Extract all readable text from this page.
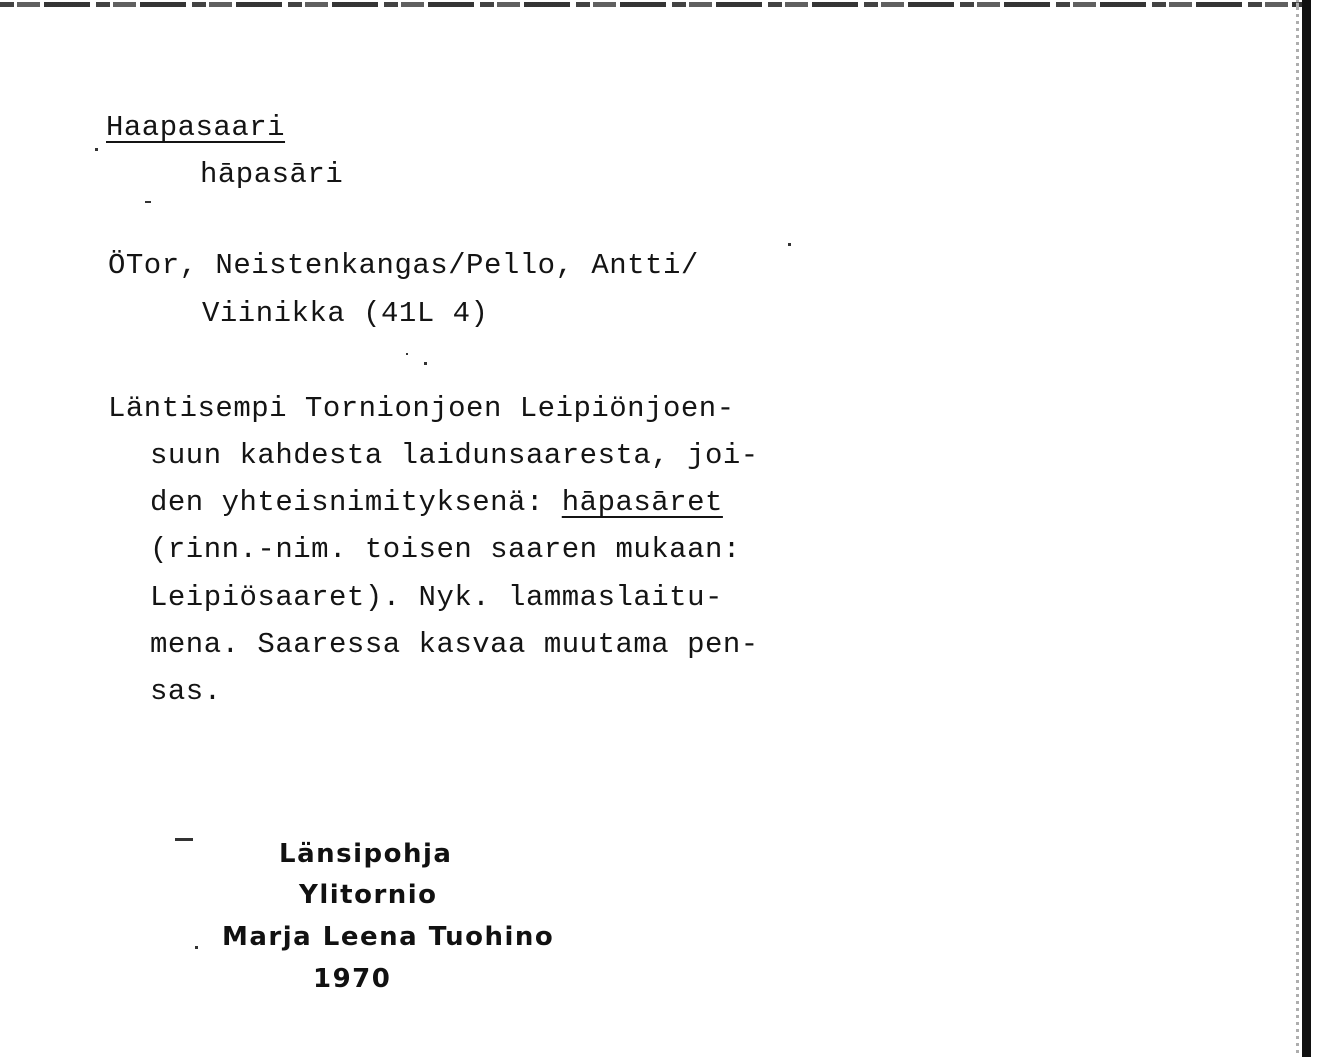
Haapasaari
hāpasāri
ÖTor, Neistenkangas/Pello, Antti/
Viinikka (41L 4)
Läntisempi Tornionjoen Leipiönjoen-
suun kahdesta laidunsaaresta, joi-
den yhteisnimityksenä: hāpasāret
(rinn.-nim. toisen saaren mukaan:
Leipiösaaret). Nyk. lammaslaitu-
mena. Saaressa kasvaa muutama pen-
sas.
Länsipohja
Ylitornio
Marja Leena Tuohino
1970
